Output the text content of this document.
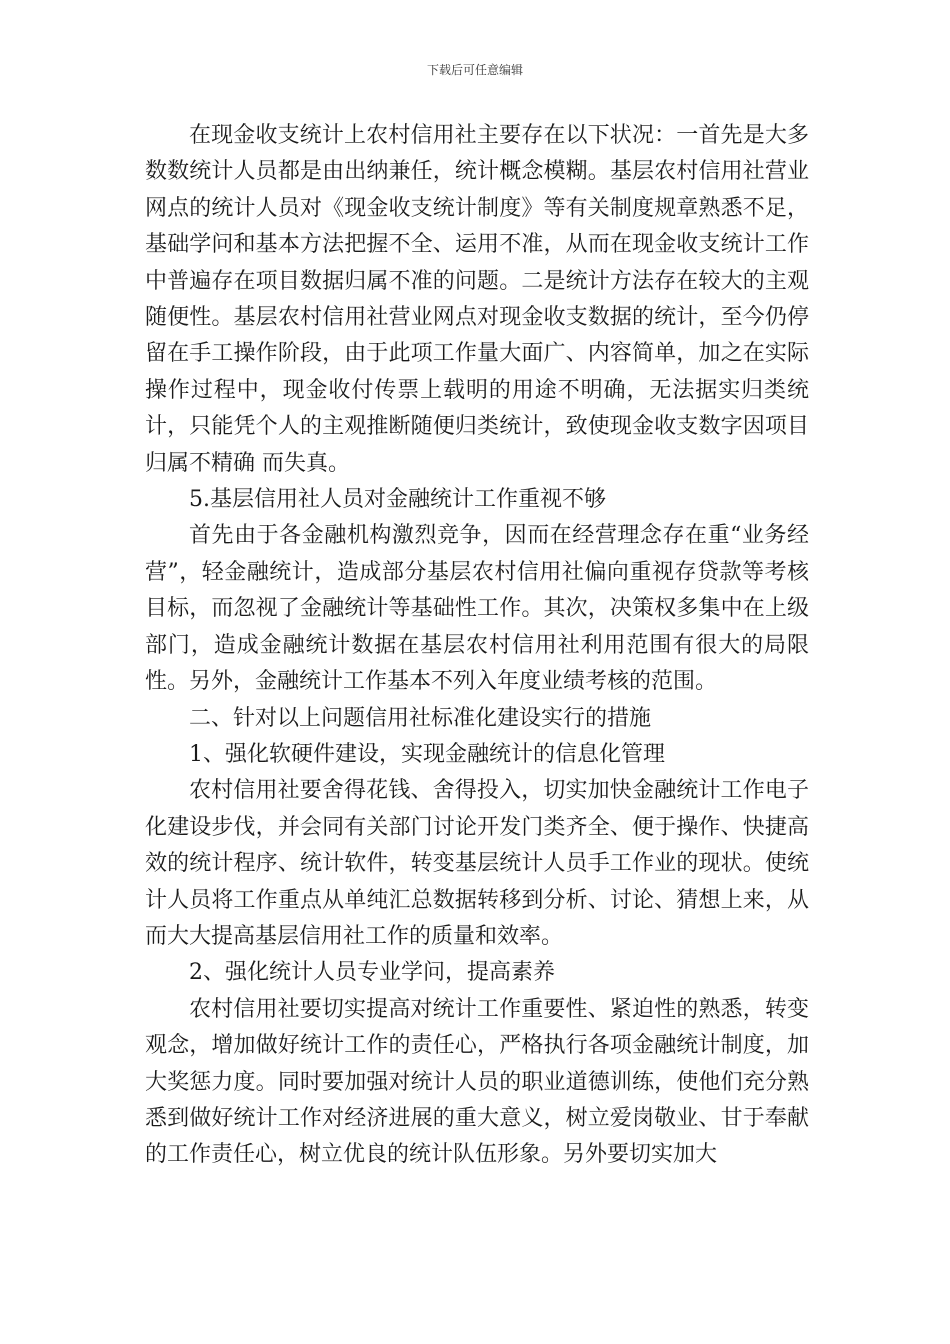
下载后可任意编辑

在现金收支统计上农村信用社主要存在以下状况：一首先是大多数数统计人员都是由出纳兼任，统计概念模糊。基层农村信用社营业网点的统计人员对《现金收支统计制度》等有关制度规章熟悉不足，基础学问和基本方法把握不全、运用不准，从而在现金收支统计工作中普遍存在项目数据归属不准的问题。二是统计方法存在较大的主观随便性。基层农村信用社营业网点对现金收支数据的统计，至今仍停留在手工操作阶段，由于此项工作量大面广、内容简单，加之在实际操作过程中，现金收付传票上载明的用途不明确，无法据实归类统计，只能凭个人的主观推断随便归类统计，致使现金收支数字因项目归属不精确 而失真。

5.基层信用社人员对金融统计工作重视不够

首先由于各金融机构激烈竞争，因而在经营理念存在重“业务经营”，轻金融统计，造成部分基层农村信用社偏向重视存贷款等考核目标，而忽视了金融统计等基础性工作。其次，决策权多集中在上级部门，造成金融统计数据在基层农村信用社利用范围有很大的局限性。另外，金融统计工作基本不列入年度业绩考核的范围。

二、针对以上问题信用社标准化建设实行的措施

1、强化软硬件建设，实现金融统计的信息化管理

农村信用社要舍得花钱、舍得投入，切实加快金融统计工作电子化建设步伐，并会同有关部门讨论开发门类齐全、便于操作、快捷高效的统计程序、统计软件，转变基层统计人员手工作业的现状。使统计人员将工作重点从单纯汇总数据转移到分析、讨论、猜想上来，从而大大提高基层信用社工作的质量和效率。

2、强化统计人员专业学问，提高素养

农村信用社要切实提高对统计工作重要性、紧迫性的熟悉，转变观念，增加做好统计工作的责任心，严格执行各项金融统计制度，加大奖惩力度。同时要加强对统计人员的职业道德训练，使他们充分熟悉到做好统计工作对经济进展的重大意义，树立爱岗敬业、甘于奉献的工作责任心，树立优良的统计队伍形象。另外要切实加大
